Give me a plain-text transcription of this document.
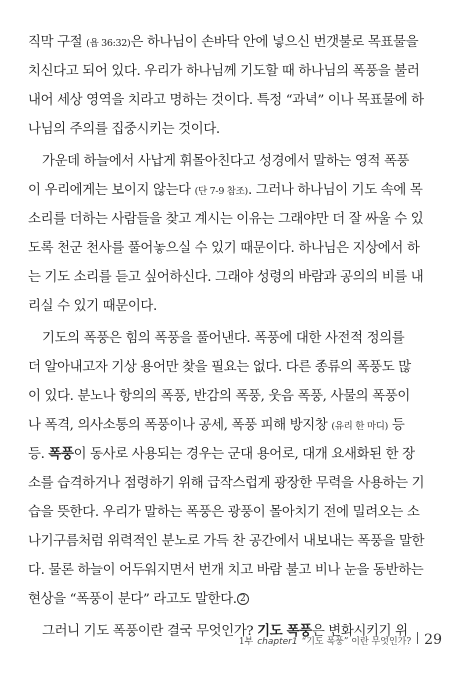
직막 구절 (욥 36:32)은 하나님이 손바닥 안에 넣으신 번갯불로 목표물을
치신다고 되어 있다. 우리가 하나님께 기도할 때 하나님의 폭풍을 불러
내어 세상 영역을 치라고 명하는 것이다. 특정 “과녁” 이나 목표물에 하
나님의 주의를 집중시키는 것이다.
가운데 하늘에서 사납게 휘몰아친다고 성경에서 말하는 영적 폭풍
이 우리에게는 보이지 않는다 (단 7-9 참조). 그러나 하나님이 기도 속에 목
소리를 더하는 사람들을 찾고 계시는 이유는 그래야만 더 잘 싸울 수 있
도록 천군 천사를 풀어놓으실 수 있기 때문이다. 하나님은 지상에서 하
는 기도 소리를 듣고 싶어하신다. 그래야 성령의 바람과 공의의 비를 내
리실 수 있기 때문이다.
기도의 폭풍은 힘의 폭풍을 풀어낸다. 폭풍에 대한 사전적 정의를
더 알아내고자 기상 용어만 찾을 필요는 없다. 다른 종류의 폭풍도 많
이 있다. 분노나 항의의 폭풍, 반감의 폭풍, 웃음 폭풍, 사물의 폭풍이
나 폭격, 의사소통의 폭풍이나 공세, 폭풍 피해 방지창 (유리 한 마디) 등
등. 폭풍이 동사로 사용되는 경우는 군대 용어로, 대개 요새화된 한 장
소를 습격하거나 점령하기 위해 급작스럽게 광장한 무력을 사용하는 기
습을 뜻한다. 우리가 말하는 폭풍은 광풍이 몰아치기 전에 밀려오는 소
나기구름처럼 위력적인 분노로 가득 찬 공간에서 내보내는 폭풍을 말한
다. 물론 하늘이 어두워지면서 번개 치고 바람 불고 비나 눈을 동반하는
현상을 “폭풍이 분다” 라고도 말한다. 2
그러니 기도 폭풍이란 결국 무엇인가? 기도 폭풍은 변화시키기 위
1부 chapter1 “기도 폭풍” 이란 무엇인가? 29
